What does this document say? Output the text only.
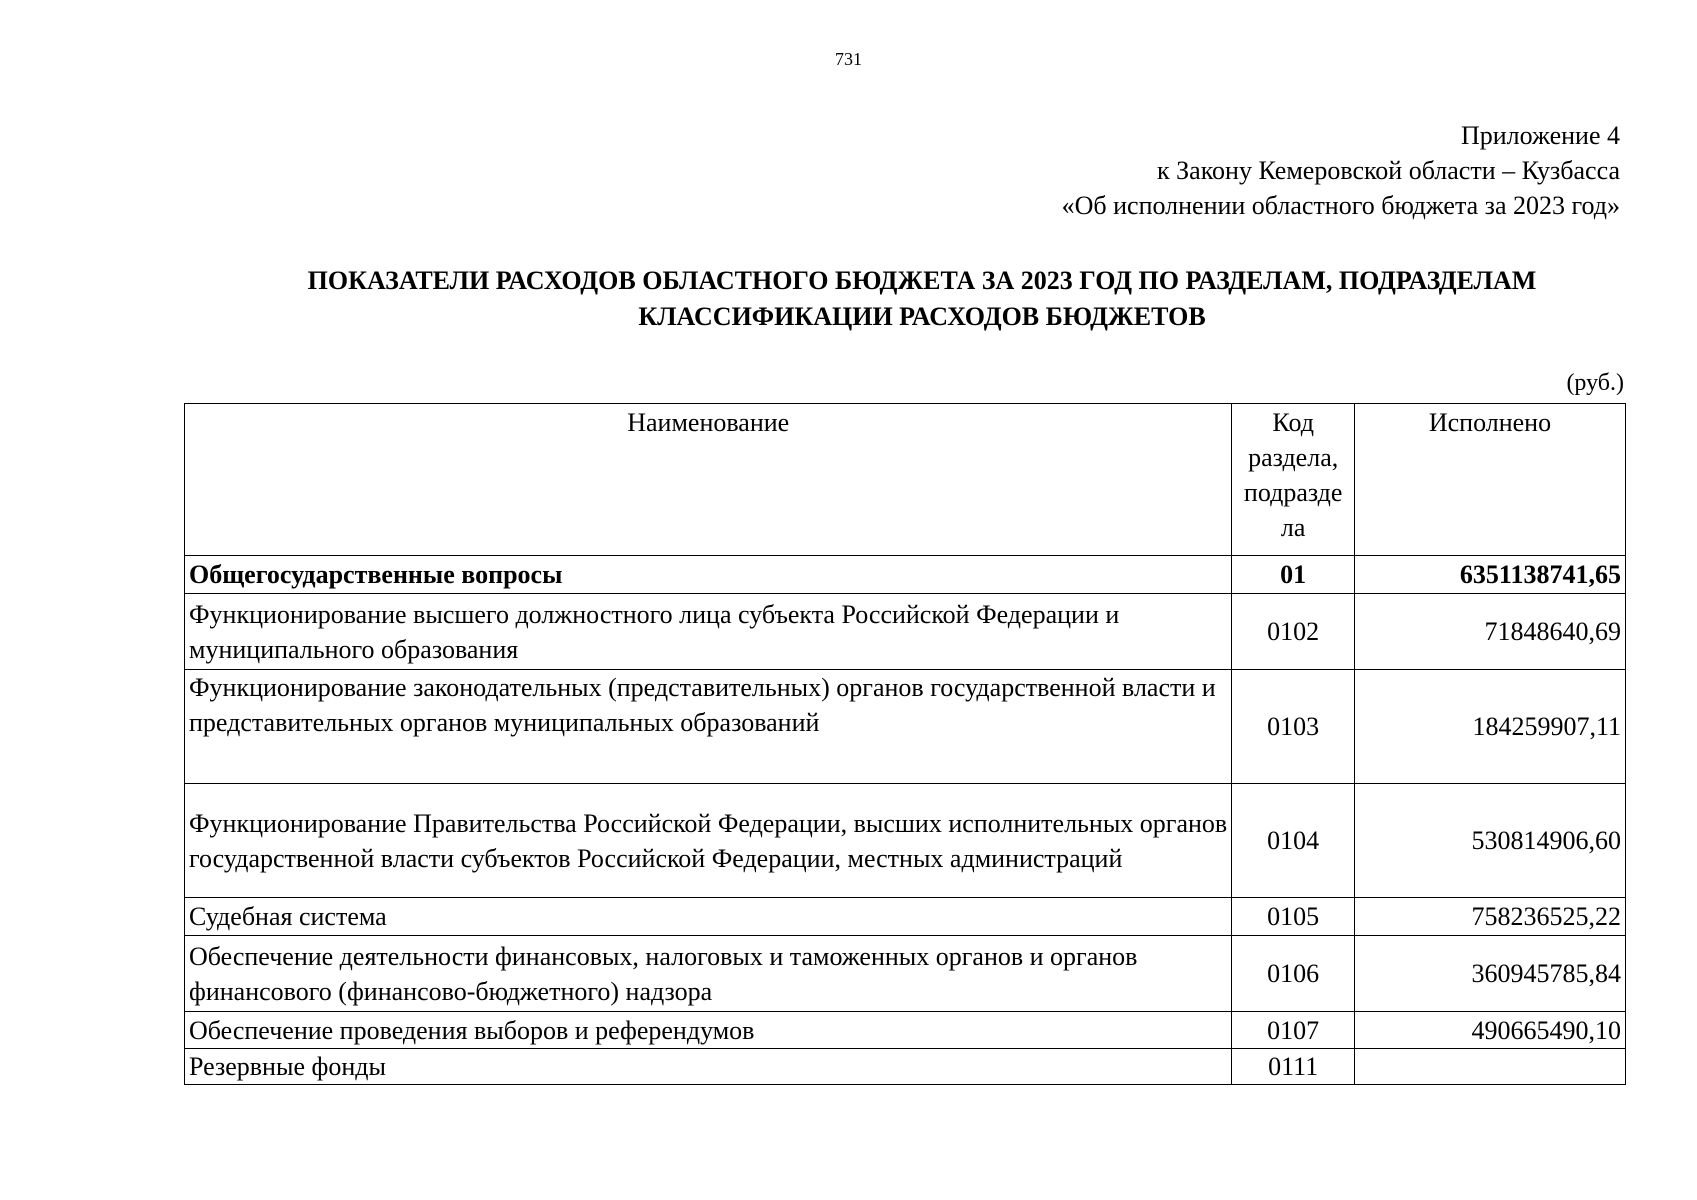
731
Приложение 4
к Закону Кемеровской области – Кузбасса
«Об исполнении областного бюджета за 2023 год»
ПОКАЗАТЕЛИ РАСХОДОВ ОБЛАСТНОГО БЮДЖЕТА ЗА 2023 ГОД ПО РАЗДЕЛАМ, ПОДРАЗДЕЛАМ
КЛАССИФИКАЦИИ РАСХОДОВ БЮДЖЕТОВ
(руб.)
Наименование	Код раздела, подразде ла	Исполнено
Общегосударственные вопросы	01	6351138741,65
Функционирование высшего должностного лица субъекта Российской Федерации и муниципального образования	0102	71848640,69
Функционирование законодательных (представительных) органов государственной власти и представительных органов муниципальных образований	0103	184259907,11
Функционирование Правительства Российской Федерации, высших исполнительных органов государственной власти субъектов Российской Федерации, местных администраций	0104	530814906,60
Судебная система	0105	758236525,22
Обеспечение деятельности финансовых, налоговых и таможенных органов и органов финансового (финансово-бюджетного) надзора	0106	360945785,84
Обеспечение проведения выборов и референдумов	0107	490665490,10
Резервные фонды	0111	
